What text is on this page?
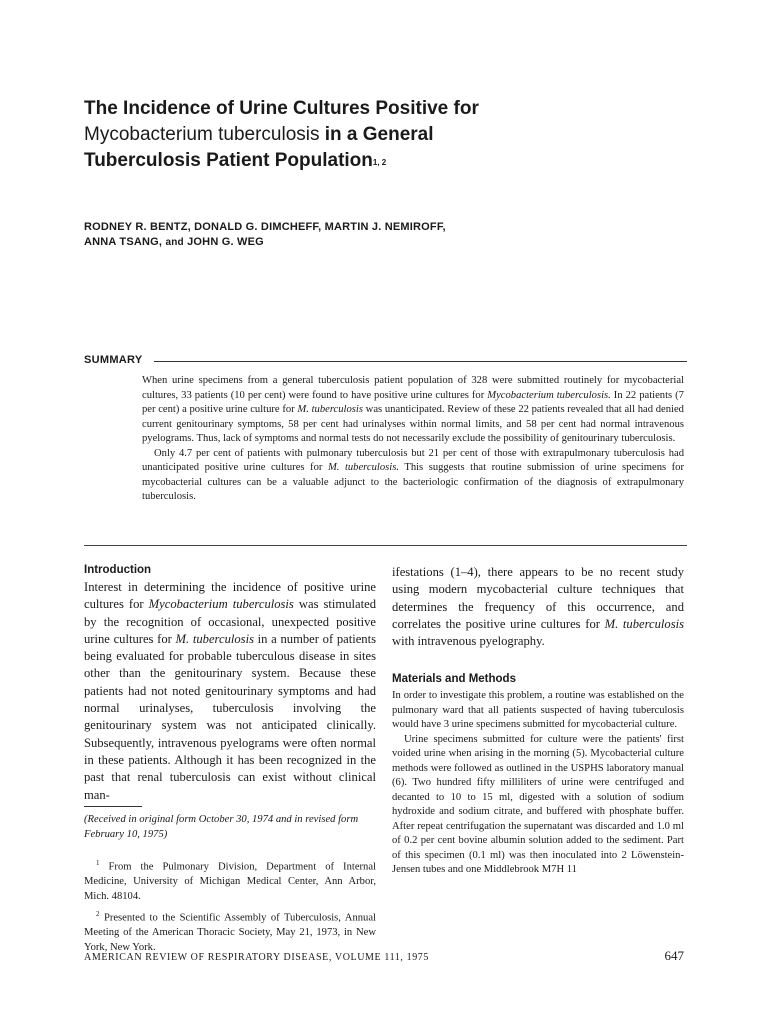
The Incidence of Urine Cultures Positive for
Mycobacterium tuberculosis in a General
Tuberculosis Patient Population$^{1, 2}$
RODNEY R. BENTZ, DONALD G. DIMCHEFF, MARTIN J. NEMIROFF,
ANNA TSANG, and JOHN G. WEG
SUMMARY

When urine specimens from a general tuberculosis patient population of 328 were submitted routinely for mycobacterial cultures, 33 patients (10 per cent) were found to have positive urine cultures for Mycobacterium tuberculosis. In 22 patients (7 per cent) a positive urine culture for M. tuberculosis was unanticipated. Review of these 22 patients revealed that all had denied current genitourinary symptoms, 58 per cent had urinalyses within normal limits, and 58 per cent had normal intravenous pyelograms. Thus, lack of symptoms and normal tests do not necessarily exclude the possibility of genitourinary tuberculosis.

Only 4.7 per cent of patients with pulmonary tuberculosis but 21 per cent of those with extrapulmonary tuberculosis had unanticipated positive urine cultures for M. tuberculosis. This suggests that routine submission of urine specimens for mycobacterial cultures can be a valuable adjunct to the bacteriologic confirmation of the diagnosis of extrapulmonary tuberculosis.

Introduction

Interest in determining the incidence of positive urine cultures for Mycobacterium tuberculosis was stimulated by the recognition of occasional, unexpected positive urine cultures for M. tuberculosis in a number of patients being evaluated for probable tuberculous disease in sites other than the genitourinary system. Because these patients had not noted genitourinary symptoms and had normal urinalyses, tuberculosis involving the genitourinary system was not anticipated clinically. Subsequently, intravenous pyelograms were often normal in these patients. Although it has been recognized in the past that renal tuberculosis can exist without clinical man-

(Received in original form October 30, 1974 and in revised form February 10, 1975)

$^1$ From the Pulmonary Division, Department of Internal Medicine, University of Michigan Medical Center, Ann Arbor, Mich. 48104.

$^2$ Presented to the Scientific Assembly of Tuberculosis, Annual Meeting of the American Thoracic Society, May 21, 1973, in New York, New York.

ifestations (1–4), there appears to be no recent study using modern mycobacterial culture techniques that determines the frequency of this occurrence, and correlates the positive urine cultures for M. tuberculosis with intravenous pyelography.

Materials and Methods

In order to investigate this problem, a routine was established on the pulmonary ward that all patients suspected of having tuberculosis would have 3 urine specimens submitted for mycobacterial culture.

Urine specimens submitted for culture were the patients' first voided urine when arising in the morning (5). Mycobacterial culture methods were followed as outlined in the USPHS laboratory manual (6). Two hundred fifty milliliters of urine were centrifuged and decanted to 10 to 15 ml, digested with a solution of sodium hydroxide and sodium citrate, and buffered with phosphate buffer. After repeat centrifugation the supernatant was discarded and 1.0 ml of 0.2 per cent bovine albumin solution added to the sediment. Part of this specimen (0.1 ml) was then inoculated into 2 Löwenstein-Jensen tubes and one Middlebrook M7H 11

AMERICAN REVIEW OF RESPIRATORY DISEASE, VOLUME 111, 1975	647
